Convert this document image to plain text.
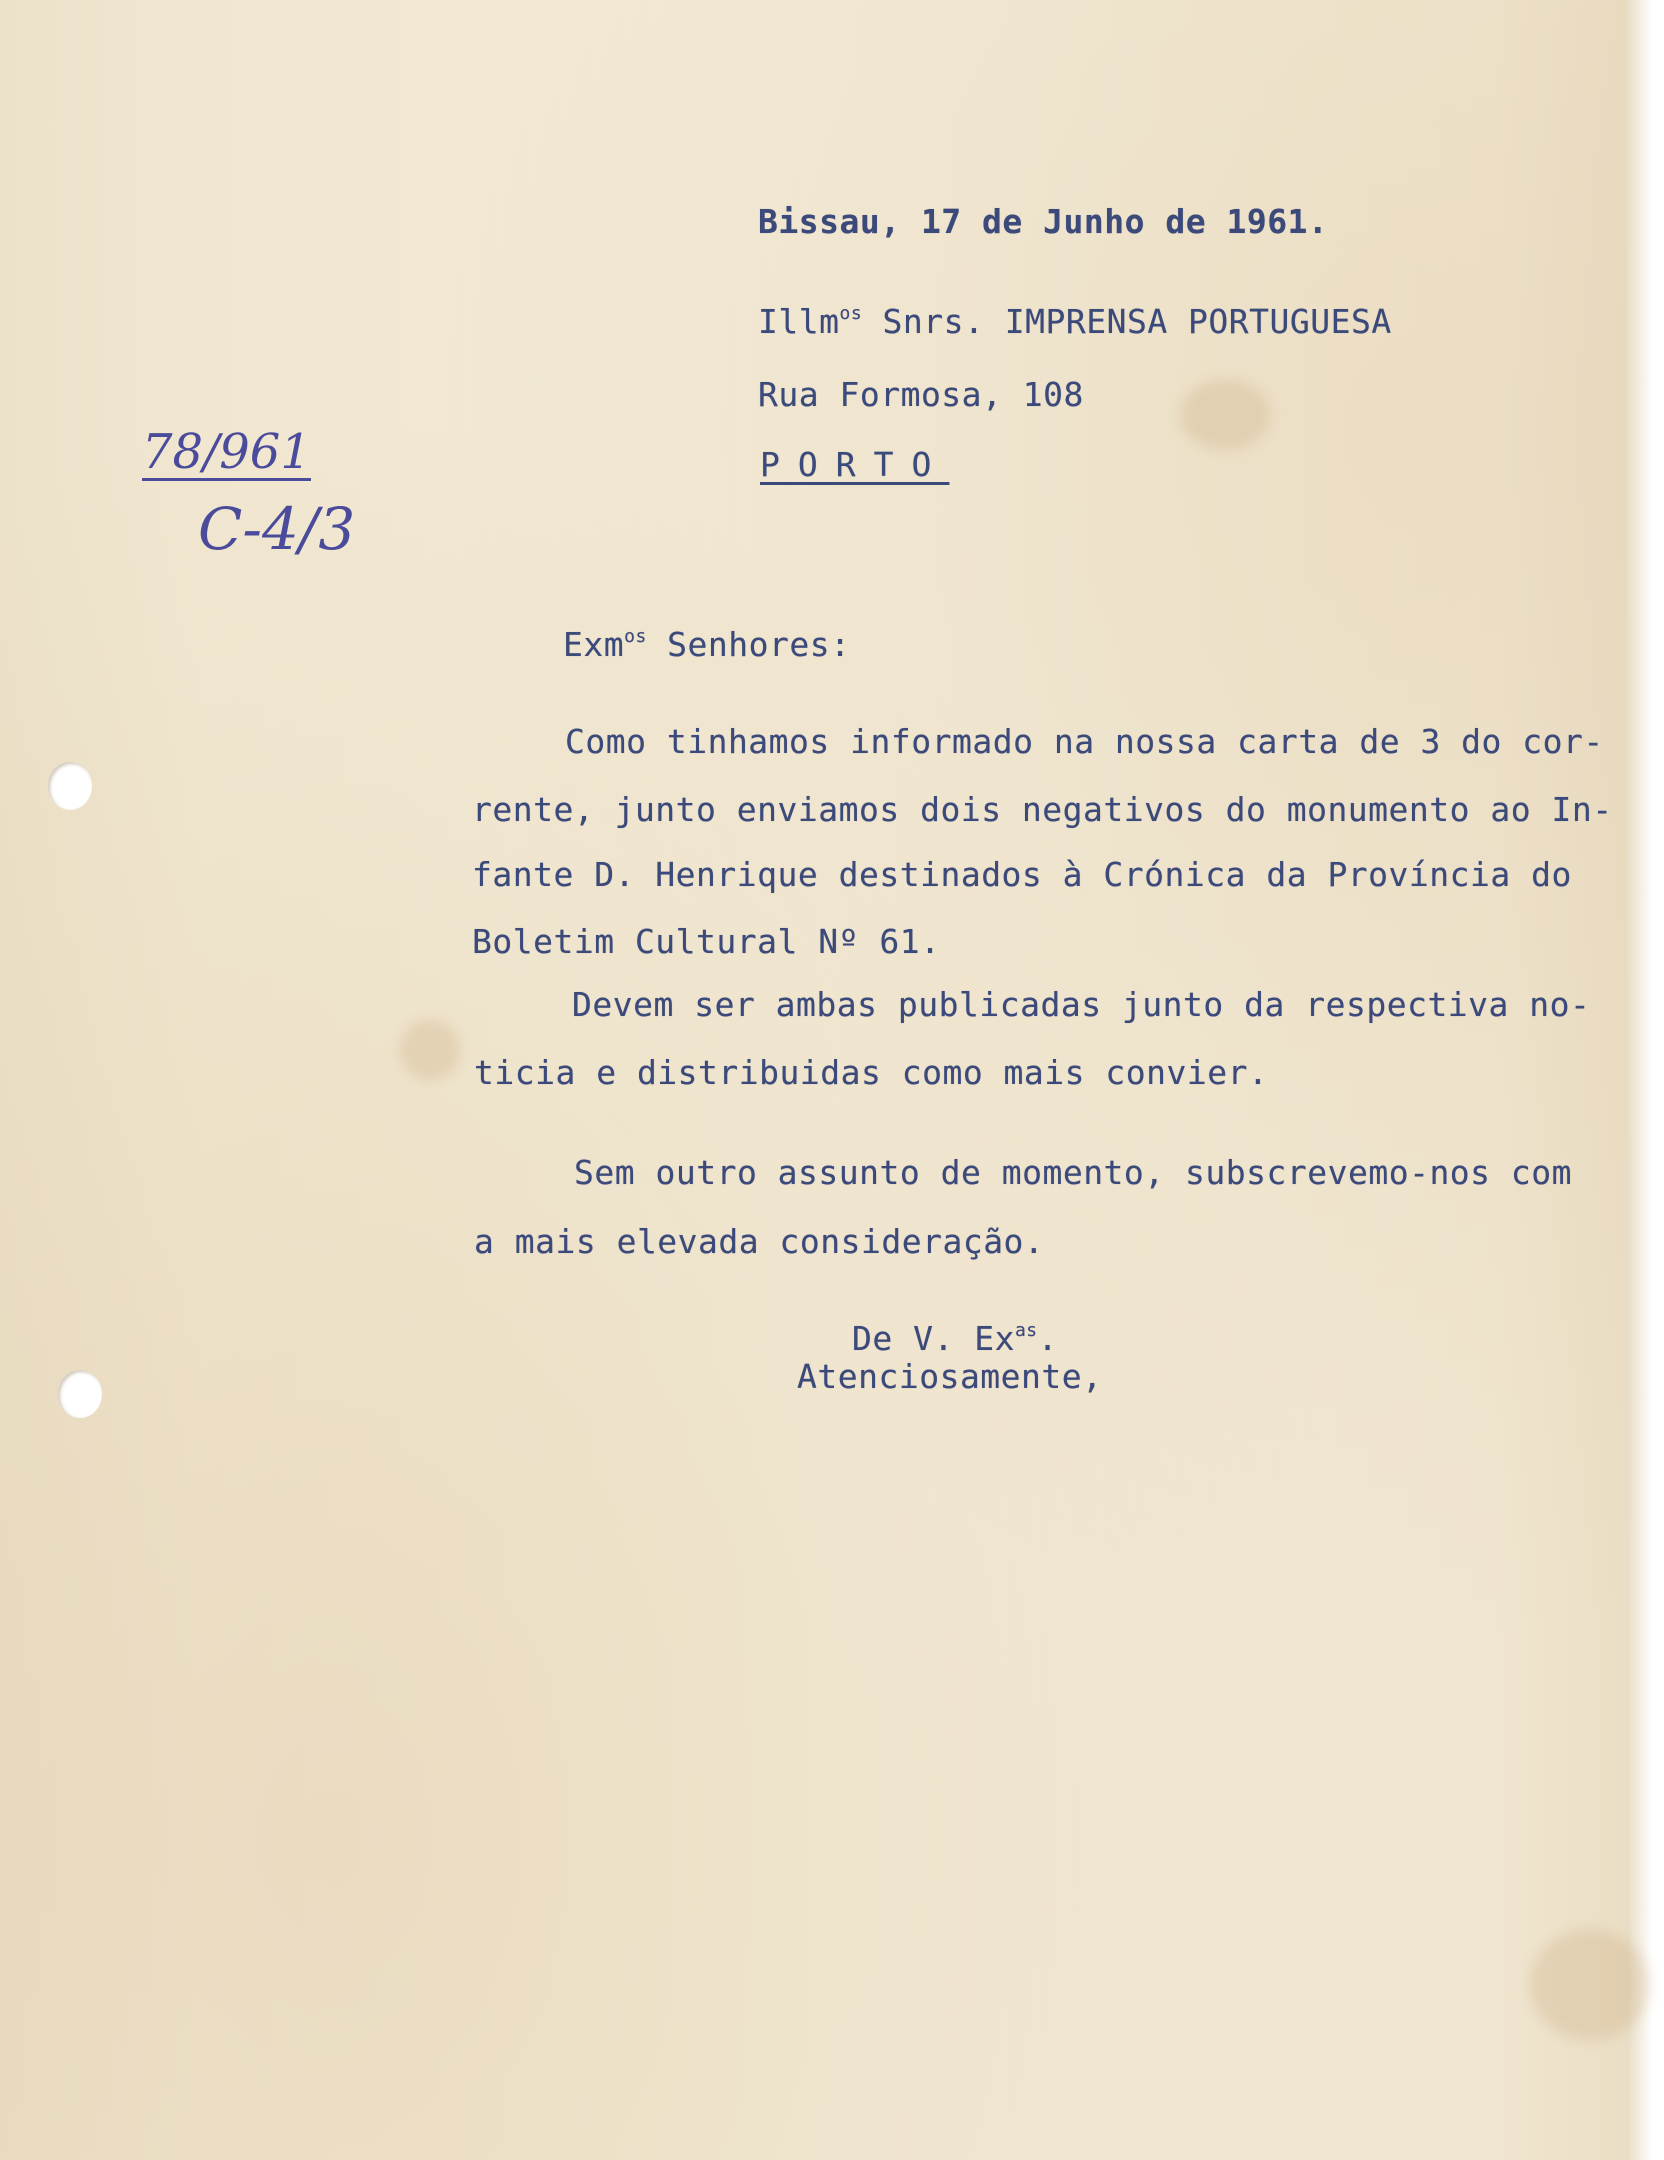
Bissau, 17 de Junho de 1961.

Illm$^{os}$ Snrs. IMPRENSA PORTUGUESA

Rua Formosa, 108

PORTO

78/961
C-4/3

Exm$^{os}$ Senhores:

Como tinhamos informado na nossa carta de 3 do cor-

rente, junto enviamos dois negativos do monumento ao In-

fante D. Henrique destinados à Crónica da Província do

Boletim Cultural Nº 61.

Devem ser ambas publicadas junto da respectiva no-

ticia e distribuidas como mais convier.

Sem outro assunto de momento, subscrevemo-nos com

a mais elevada consideração.

De V. $Ex^{as}$.

Atenciosamente,
